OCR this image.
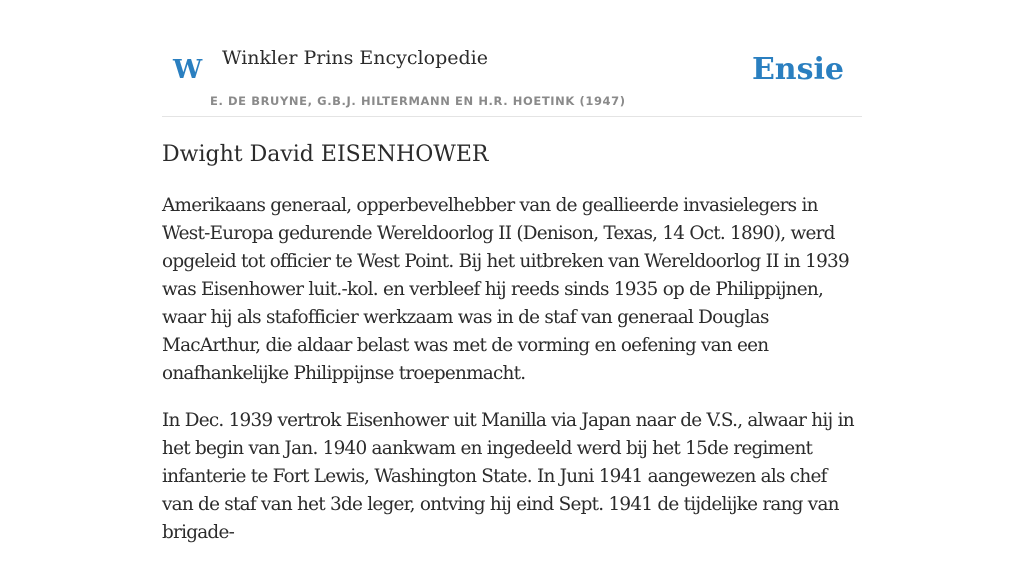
W Winkler Prins Encyclopedie
E. DE BRUYNE, G.B.J. HILTERMANN EN H.R. HOETINK (1947)
Ensie
Dwight David EISENHOWER

Amerikaans generaal, opperbevelhebber van de geallieerde invasielegers in West-Europa gedurende Wereldoorlog II (Denison, Texas, 14 Oct. 1890), werd opgeleid tot officier te West Point. Bij het uitbreken van Wereldoorlog II in 1939 was Eisenhower luit.-kol. en verbleef hij reeds sinds 1935 op de Philippijnen, waar hij als stafofficier werkzaam was in de staf van generaal Douglas MacArthur, die aldaar belast was met de vorming en oefening van een onafhankelijke Philippijnse troepenmacht.

In Dec. 1939 vertrok Eisenhower uit Manilla via Japan naar de V.S., alwaar hij in het begin van Jan. 1940 aankwam en ingedeeld werd bij het 15de regiment infanterie te Fort Lewis, Washington State. In Juni 1941 aangewezen als chef van de staf van het 3de leger, ontving hij eind Sept. 1941 de tijdelijke rang van brigade-
